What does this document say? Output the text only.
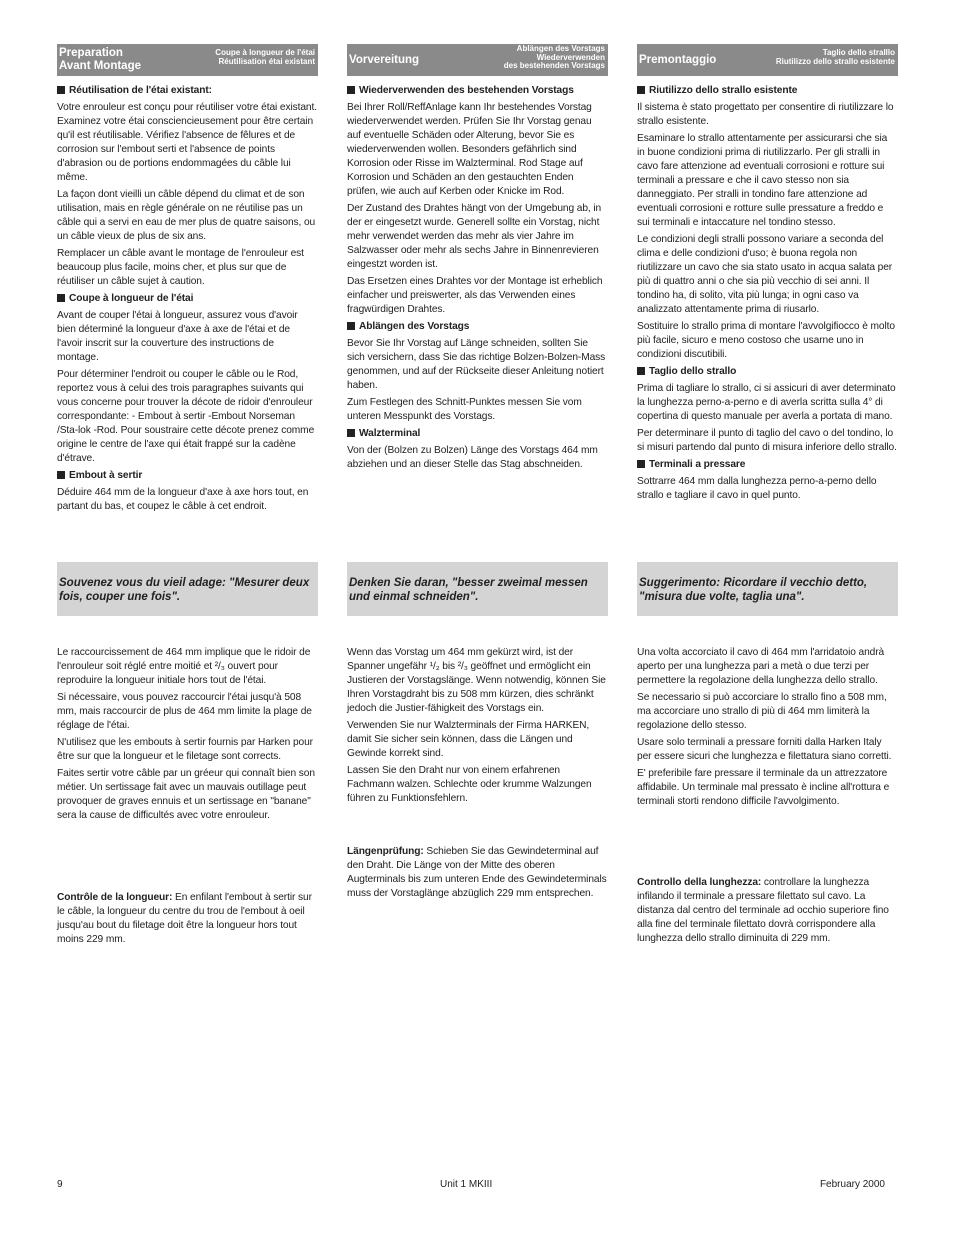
Preparation
Avant Montage
Coupe à longueur de l'étai
Réutilisation étai existant	Vorvereitung
Ablängen des Vorstags
Wiederverwenden
des bestehenden Vorstags	Premontaggio
Taglio dello stralllo
Riutilizzo dello strallo esistente
Réutilisation de l'étai existant:

Votre enrouleur est conçu pour réutiliser votre étai existant. Examinez votre étai consciencieusement pour être certain qu'il est réutilisable. Vérifiez l'absence de fêlures et de corrosion sur l'embout serti et l'absence de points d'abrasion ou de portions endommagées du câble lui même.

La façon dont vieilli un câble dépend du climat et de son utilisation, mais en règle générale on ne réutilise pas un câble qui a servi en eau de mer plus de quatre saisons, ou un câble vieux de plus de six ans.

Remplacer un câble avant le montage de l'enrouleur est beaucoup plus facile, moins cher, et plus sur que de réutiliser un câble sujet à caution.

Coupe à longueur de l'étai

Avant de couper l'étai à longueur, assurez vous d'avoir bien déterminé la longueur d'axe à axe de l'étai et de l'avoir inscrit sur la couverture des instructions de montage.

Pour déterminer l'endroit ou couper le câble ou le Rod, reportez vous à celui des trois paragraphes suivants qui vous concerne pour trouver la décote de ridoir d'enrouleur correspondante: - Embout à sertir -Embout Norseman /Sta-lok -Rod. Pour soustraire cette décote prenez comme origine le centre de l'axe qui était frappé sur la cadène d'étrave.

Embout à sertir

Déduire 464 mm de la longueur d'axe à axe hors tout, en partant du bas, et coupez le câble à cet endroit.

Wiederverwenden des bestehenden Vorstags

Bei Ihrer Roll/ReffAnlage kann Ihr bestehendes Vorstag wiederverwendet werden. Prüfen Sie Ihr Vorstag genau auf eventuelle Schäden oder Alterung, bevor Sie es wiederverwenden wollen. Besonders gefährlich sind Korrosion oder Risse im Walzterminal. Rod Stage auf Korrosion und Schäden an den gestauchten Enden prüfen, wie auch auf Kerben oder Knicke im Rod.

Der Zustand des Drahtes hängt von der Umgebung ab, in der er eingesetzt wurde. Generell sollte ein Vorstag, nicht mehr verwendet werden das mehr als vier Jahre im Salzwasser oder mehr als sechs Jahre in Binnenrevieren eingestzt worden ist.

Das Ersetzen eines Drahtes vor der Montage ist erheblich einfacher und preiswerter, als das Verwenden eines fragwürdigen Drahtes.

Ablängen des Vorstags

Bevor Sie Ihr Vorstag auf Länge schneiden, sollten Sie sich versichern, dass Sie das richtige Bolzen-Bolzen-Mass genommen, und auf der Rückseite dieser Anleitung notiert haben.

Zum Festlegen des Schnitt-Punktes messen Sie vom unteren Messpunkt des Vorstags.

Walzterminal

Von der (Bolzen zu Bolzen) Länge des Vorstags 464 mm abziehen und an dieser Stelle das Stag abschneiden.

Riutilizzo dello strallo esistente

Il sistema è stato progettato per consentire di riutilizzare lo strallo esistente.

Esaminare lo strallo attentamente per assicurarsi che sia in buone condizioni prima di riutilizzarlo. Per gli stralli in cavo fare attenzione ad eventuali corrosioni e rotture sui terminali a pressare e che il cavo stesso non sia danneggiato. Per stralli in tondino fare attenzione ad eventuali corrosioni e rotture sulle pressature a freddo e sui terminali e intaccature nel tondino stesso.

Le condizioni degli stralli possono variare a seconda del clima e delle condizioni d'uso; è buona regola non riutilizzare un cavo che sia stato usato in acqua salata per più di quattro anni o che sia più vecchio di sei anni. Il tondino ha, di solito, vita più lunga; in ogni caso va analizzato attentamente prima di riusarlo.

Sostituire lo strallo prima di montare l'avvolgifiocco è molto più facile, sicuro e meno costoso che usarne uno in condizioni discutibili.

Taglio dello strallo

Prima di tagliare lo strallo, ci si assicuri di aver determinato la lunghezza perno-a-perno e di averla scritta sulla 4° di copertina di questo manuale per averla a portata di mano.

Per determinare il punto di taglio del cavo o del tondino, lo si misuri partendo dal punto di misura inferiore dello strallo.

Terminali a pressare

Sottrarre 464 mm dalla lunghezza perno-a-perno dello strallo e tagliare il cavo in quel punto.

Souvenez vous du vieil adage: "Mesurer deux fois, couper une fois".
Denken Sie daran, "besser zweimal messen und einmal schneiden".
Suggerimento: Ricordare il vecchio detto, "misura due volte, taglia una".

Le raccourcissement de 464 mm implique que le ridoir de l'enrouleur soit réglé entre moitié et ²/₃ ouvert pour reproduire la longueur initiale hors tout de l'étai.

Si nécessaire, vous pouvez raccourcir l'étai jusqu'à 508 mm, mais raccourcir de plus de 464 mm limite la plage de réglage de l'étai.

N'utilisez que les embouts à sertir fournis par Harken pour être sur que la longueur et le filetage sont corrects.

Faites sertir votre câble par un gréeur qui connaît bien son métier. Un sertissage fait avec un mauvais outillage peut provoquer de graves ennuis et un sertissage en "banane" sera la cause de difficultés avec votre enrouleur.

Wenn das Vorstag um 464 mm gekürzt wird, ist der Spanner ungefähr ¹/₂ bis ²/₃ geöffnet und ermöglicht ein Justieren der Vorstagslänge. Wenn notwendig, können Sie Ihren Vorstagdraht bis zu 508 mm kürzen, dies schränkt jedoch die Justier-fähigkeit des Vorstags ein.

Verwenden Sie nur Walzterminals der Firma HARKEN, damit Sie sicher sein können, dass die Längen und Gewinde korrekt sind.

Lassen Sie den Draht nur von einem erfahrenen Fachmann walzen. Schlechte oder krumme Walzungen führen zu Funktionsfehlern.

Una volta accorciato il cavo di 464 mm l'arridatoio andrà aperto per una lunghezza pari a metà o due terzi per permettere la regolazione della lunghezza dello strallo.

Se necessario si può accorciare lo strallo fino a 508 mm, ma accorciare uno strallo di più di 464 mm limiterà la regolazione dello stesso.

Usare solo terminali a pressare forniti dalla Harken Italy per essere sicuri che lunghezza e filettatura siano corretti.

E' preferibile fare pressare il terminale da un attrezzatore affidabile. Un terminale mal pressato è incline all'rottura e terminali storti rendono difficile l'avvolgimento.

Contrôle de la longueur: En enfilant l'embout à sertir sur le câble, la longueur du centre du trou de l'embout à oeil jusqu'au bout du filetage doit être la longueur hors tout moins 229 mm.

Längenprüfung: Schieben Sie das Gewindeterminal auf den Draht. Die Länge von der Mitte des oberen Augterminals bis zum unteren Ende des Gewindeterminals muss der Vorstaglänge abzüglich 229 mm entsprechen.

Controllo della lunghezza: controllare la lunghezza infilando il terminale a pressare filettato sul cavo. La distanza dal centro del terminale ad occhio superiore fino alla fine del terminale filettato dovrà corrispondere alla lunghezza dello strallo diminuita di 229 mm.

9	Unit 1 MKIII	February 2000
